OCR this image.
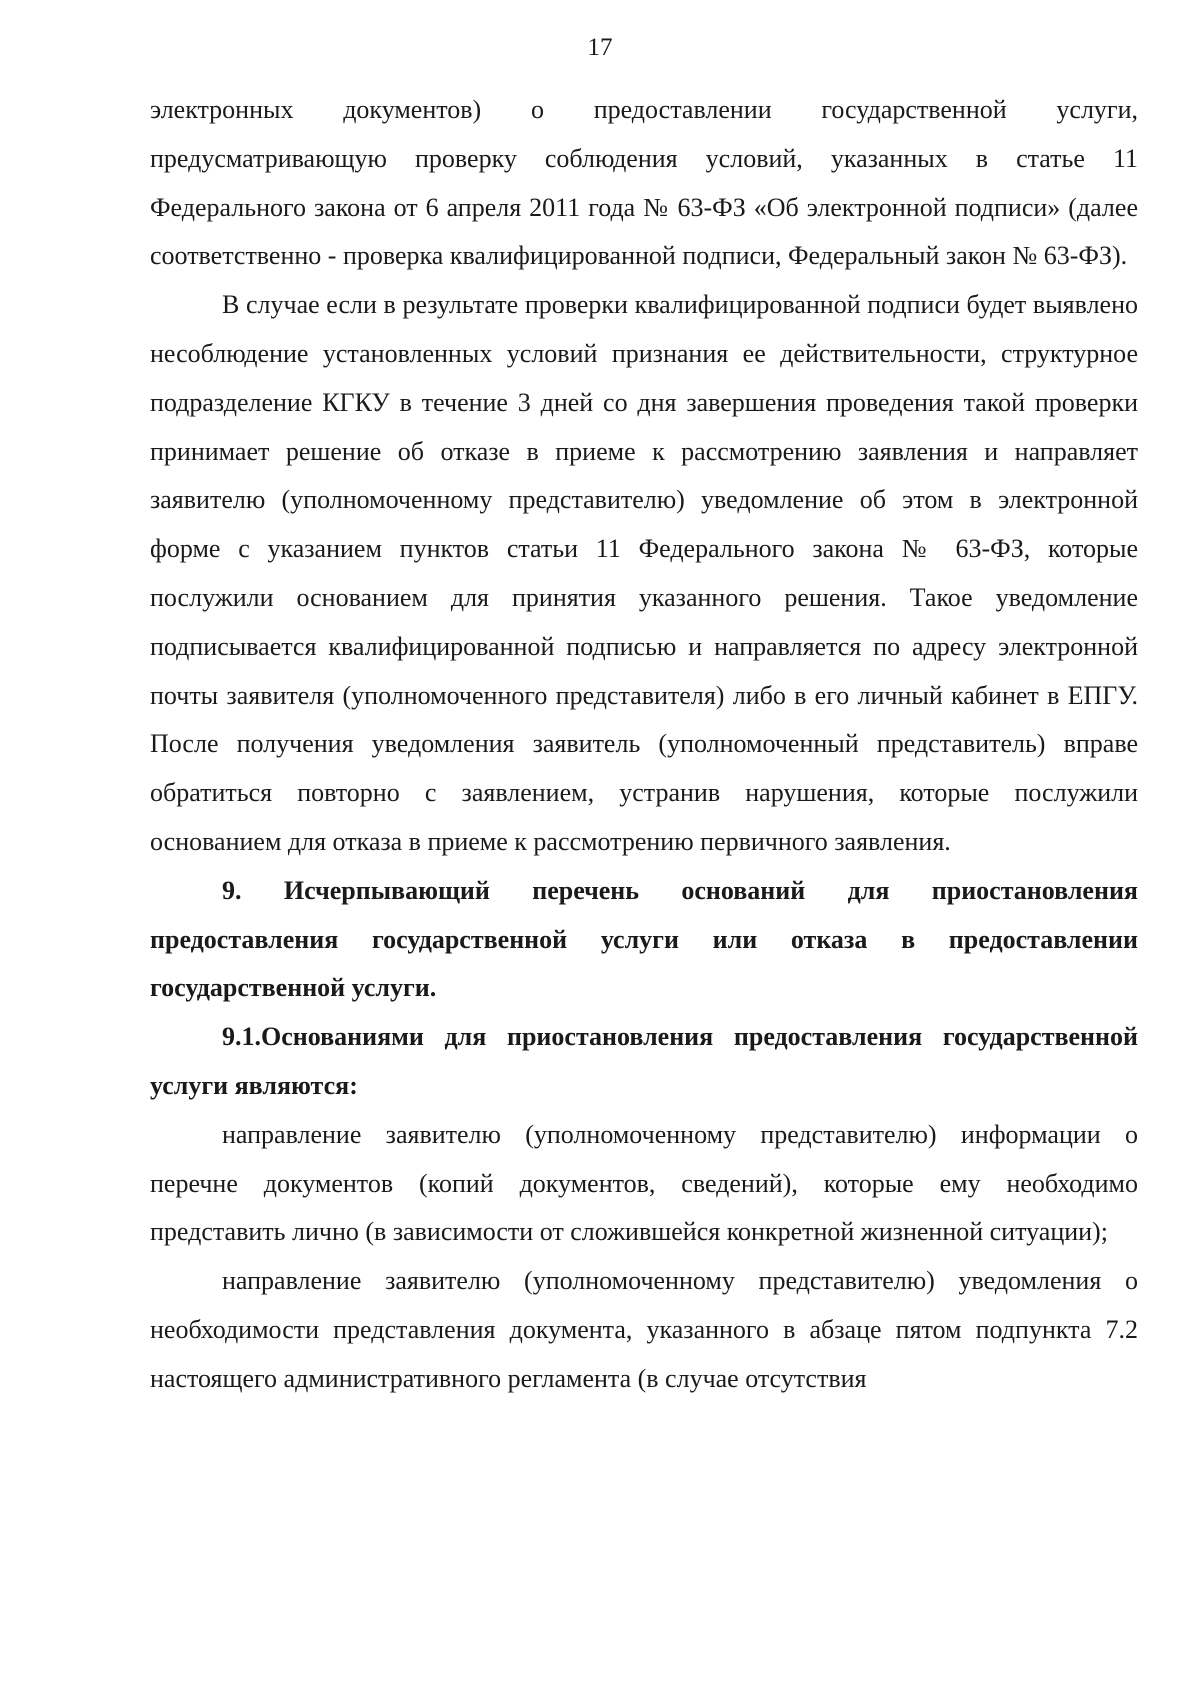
17

электронных документов) о предоставлении государственной услуги, предусматривающую проверку соблюдения условий, указанных в статье 11 Федерального закона от 6 апреля 2011 года № 63-ФЗ «Об электронной подписи» (далее соответственно - проверка квалифицированной подписи, Федеральный закон № 63-ФЗ).

В случае если в результате проверки квалифицированной подписи будет выявлено несоблюдение установленных условий признания ее действительности, структурное подразделение КГКУ в течение 3 дней со дня завершения проведения такой проверки принимает решение об отказе в приеме к рассмотрению заявления и направляет заявителю (уполномоченному представителю) уведомление об этом в электронной форме с указанием пунктов статьи 11 Федерального закона № 63-ФЗ, которые послужили основанием для принятия указанного решения. Такое уведомление подписывается квалифицированной подписью и направляется по адресу электронной почты заявителя (уполномоченного представителя) либо в его личный кабинет в ЕПГУ. После получения уведомления заявитель (уполномоченный представитель) вправе обратиться повторно с заявлением, устранив нарушения, которые послужили основанием для отказа в приеме к рассмотрению первичного заявления.

9. Исчерпывающий перечень оснований для приостановления предоставления государственной услуги или отказа в предоставлении государственной услуги.

9.1.Основаниями для приостановления предоставления государственной услуги являются:

направление заявителю (уполномоченному представителю) информации о перечне документов (копий документов, сведений), которые ему необходимо представить лично (в зависимости от сложившейся конкретной жизненной ситуации);

направление заявителю (уполномоченному представителю) уведомления о необходимости представления документа, указанного в абзаце пятом подпункта 7.2 настоящего административного регламента (в случае отсутствия
